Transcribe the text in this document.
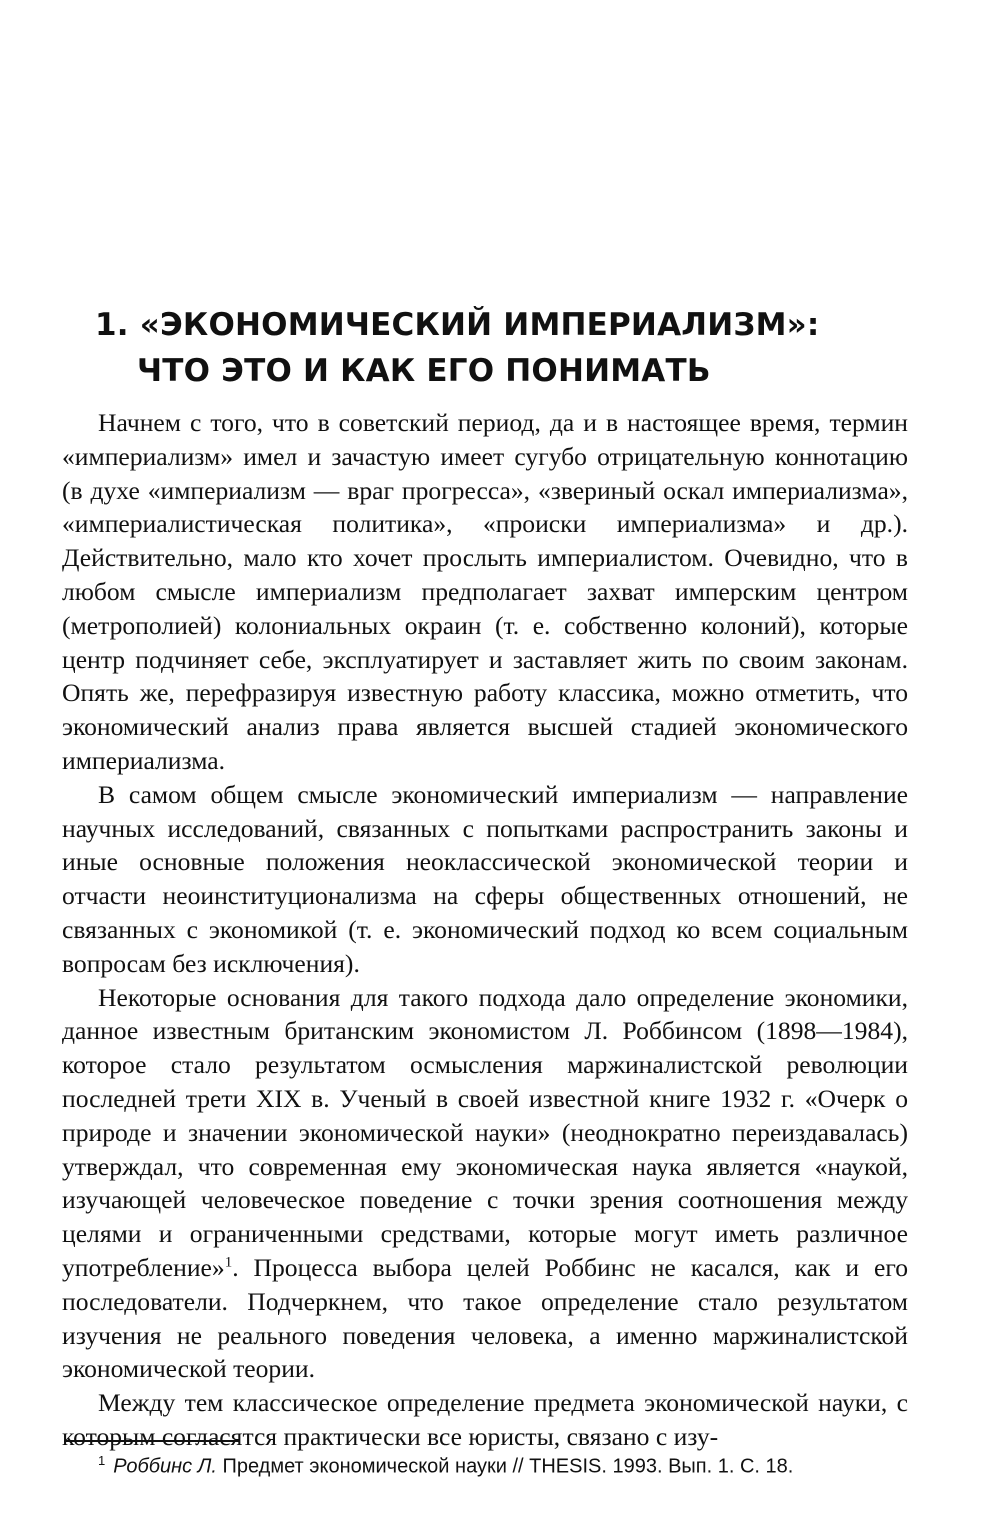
1. «ЭКОНОМИЧЕСКИЙ ИМПЕРИАЛИЗМ»:
ЧТО ЭТО И КАК ЕГО ПОНИМАТЬ

Начнем с того, что в советский период, да и в настоящее время, термин «империализм» имел и зачастую имеет сугубо отрицательную коннотацию (в духе «империализм — враг прогресса», «звериный оскал империализма», «империалистическая политика», «происки империализма» и др.). Действительно, мало кто хочет прослыть империалистом. Очевидно, что в любом смысле империализм предполагает захват имперским центром (метрополией) колониальных окраин (т. е. собственно колоний), которые центр подчиняет себе, эксплуатирует и заставляет жить по своим законам. Опять же, перефразируя известную работу классика, можно отметить, что экономический анализ права является высшей стадией экономического империализма.

В самом общем смысле экономический империализм — направление научных исследований, связанных с попытками распространить законы и иные основные положения неоклассической экономической теории и отчасти неоинституционализма на сферы общественных отношений, не связанных с экономикой (т. е. экономический подход ко всем социальным вопросам без исключения).

Некоторые основания для такого подхода дало определение экономики, данное известным британским экономистом Л. Роббинсом (1898—1984), которое стало результатом осмысления маржиналистской революции последней трети XIX в. Ученый в своей известной книге 1932 г. «Очерк о природе и значении экономической науки» (неоднократно переиздавалась) утверждал, что современная ему экономическая наука является «наукой, изучающей человеческое поведение с точки зрения соотношения между целями и ограниченными средствами, которые могут иметь различное употребление»$^1$. Процесса выбора целей Роббинс не касался, как и его последователи. Подчеркнем, что такое определение стало результатом изучения не реального поведения человека, а именно маржиналистской экономической теории.

Между тем классическое определение предмета экономической науки, с которым согласятся практически все юристы, связано с изу-

$^1$ Роббинс Л. Предмет экономической науки // THESIS. 1993. Вып. 1. С. 18.
